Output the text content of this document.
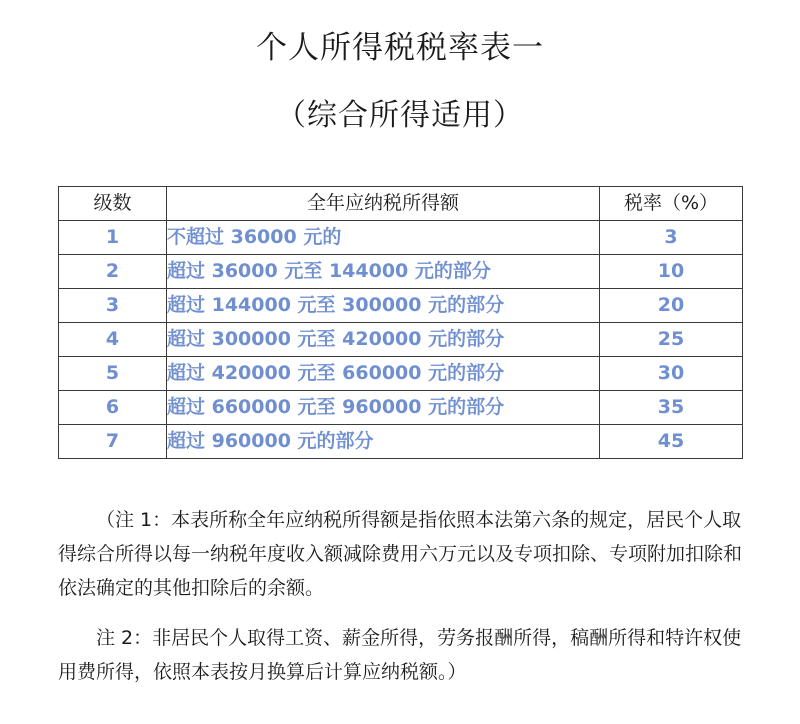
个人所得税税率表一
（综合所得适用）
级数	全年应纳税所得额	税率（%）
1	不超过 36000 元的	3
2	超过 36000 元至 144000 元的部分	10
3	超过 144000 元至 300000 元的部分	20
4	超过 300000 元至 420000 元的部分	25
5	超过 420000 元至 660000 元的部分	30
6	超过 660000 元至 960000 元的部分	35
7	超过 960000 元的部分	45
（注 1：本表所称全年应纳税所得额是指依照本法第六条的规定，居民个人取得综合所得以每一纳税年度收入额减除费用六万元以及专项扣除、专项附加扣除和依法确定的其他扣除后的余额。
注 2：非居民个人取得工资、薪金所得，劳务报酬所得，稿酬所得和特许权使用费所得，依照本表按月换算后计算应纳税额。）
